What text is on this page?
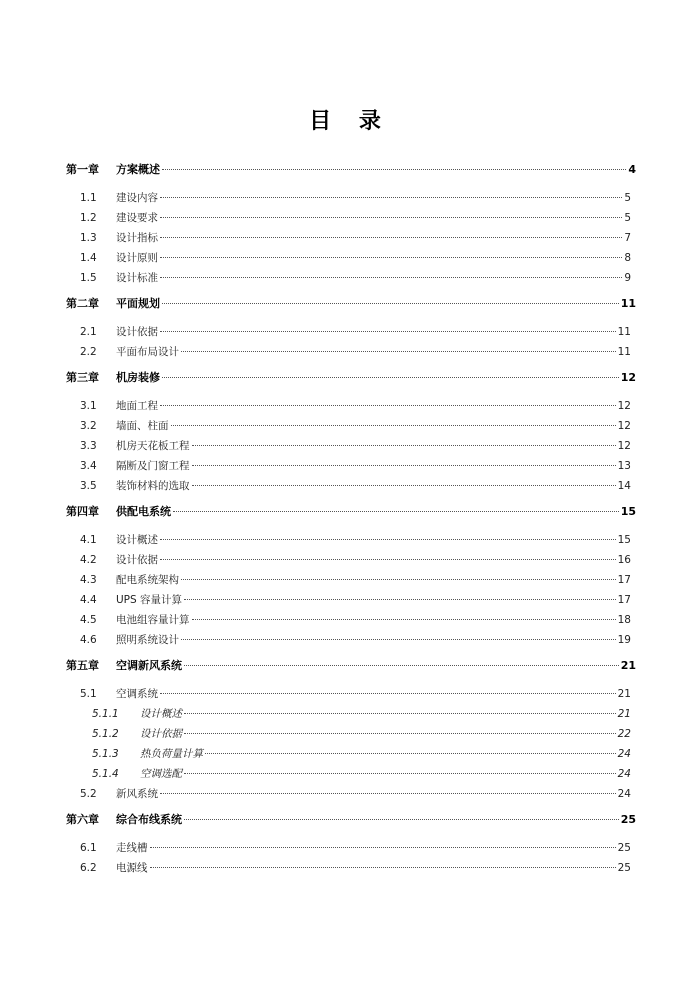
目 录
第一章	方案概述	4
1.1	建设内容	5
1.2	建设要求	5
1.3	设计指标	7
1.4	设计原则	8
1.5	设计标准	9
第二章	平面规划	11
2.1	设计依据	11
2.2	平面布局设计	11
第三章	机房装修	12
3.1	地面工程	12
3.2	墙面、柱面	12
3.3	机房天花板工程	12
3.4	隔断及门窗工程	13
3.5	装饰材料的选取	14
第四章	供配电系统	15
4.1	设计概述	15
4.2	设计依据	16
4.3	配电系统架构	17
4.4	UPS 容量计算	17
4.5	电池组容量计算	18
4.6	照明系统设计	19
第五章	空调新风系统	21
5.1	空调系统	21
5.1.1	设计概述	21
5.1.2	设计依据	22
5.1.3	热负荷量计算	24
5.1.4	空调选配	24
5.2	新风系统	24
第六章	综合布线系统	25
6.1	走线槽	25
6.2	电源线	25
